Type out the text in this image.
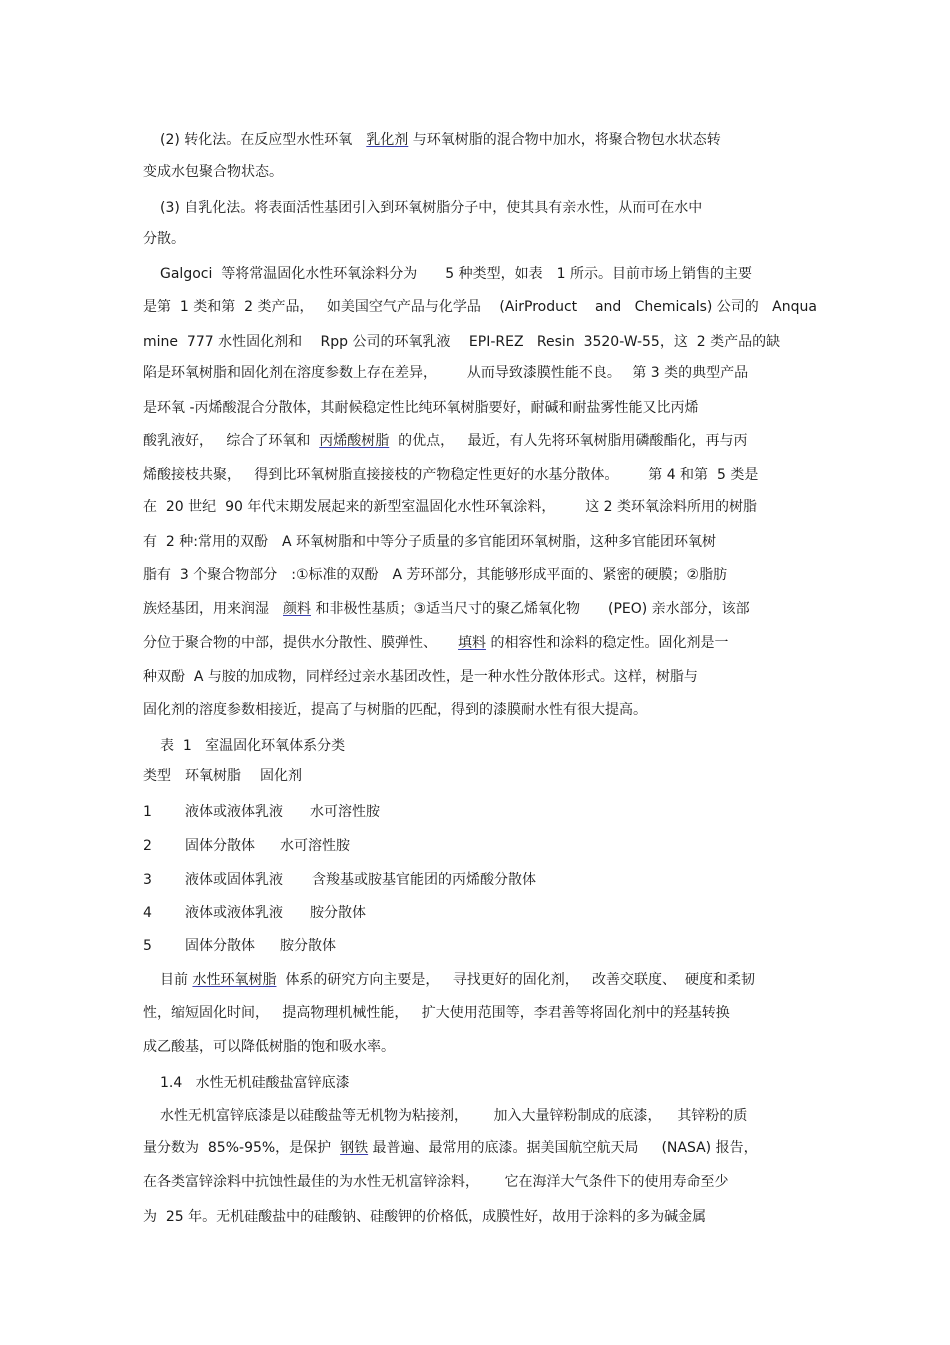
(2) 转化法。在反应型水性环氧　乳化剂 与环氧树脂的混合物中加水，将聚合物包水状态转
变成水包聚合物状态。
(3) 自乳化法。将表面活性基团引入到环氧树脂分子中，使其具有亲水性，从而可在水中
分散。
Galgoci  等将常温固化水性环氧涂料分为　　5 种类型，如表　1 所示。目前市场上销售的主要
是第  1 类和第  2 类产品，   如美国空气产品与化学品　 (AirProduct    and   Chemicals) 公司的   Anqua
mine  777 水性固化剂和　 Rpp 公司的环氧乳液　 EPI-REZ   Resin  3520-W-55，这  2 类产品的缺
陷是环氧树脂和固化剂在溶度参数上存在差异，　　  从而导致漆膜性能不良。　 第 3 类的典型产品
是环氧 -丙烯酸混合分散体，其耐候稳定性比纯环氧树脂要好，耐碱和耐盐雾性能又比丙烯
酸乳液好，   综合了环氧和  丙烯酸树脂  的优点，   最近，有人先将环氧树脂用磷酸酯化，再与丙
烯酸接枝共聚，   得到比环氧树脂直接接枝的产物稳定性更好的水基分散体。　　  第 4 和第  5 类是
在  20 世纪  90 年代末期发展起来的新型室温固化水性环氧涂料，　　  这 2 类环氧涂料所用的树脂
有  2 种:常用的双酚　A 环氧树脂和中等分子质量的多官能团环氧树脂，这种多官能团环氧树
脂有  3 个聚合物部分　:①标准的双酚　A 芳环部分，其能够形成平面的、紧密的硬膜；②脂肪
族烃基团，用来润湿　颜料 和非极性基质；③适当尺寸的聚乙烯氧化物　　(PEO) 亲水部分，该部
分位于聚合物的中部，提供水分散性、膜弹性、　　填料 的相容性和涂料的稳定性。固化剂是一
种双酚  A 与胺的加成物，同样经过亲水基团改性，是一种水性分散体形式。这样，树脂与
固化剂的溶度参数相接近，提高了与树脂的匹配，得到的漆膜耐水性有很大提高。
表  1   室温固化环氧体系分类
类型 环氧树脂 固化剂
1 液体或液体乳液 水可溶性胺
2 固体分散体 水可溶性胺
3 液体或固体乳液 含羧基或胺基官能团的丙烯酸分散体
4 液体或液体乳液 胺分散体
5 固体分散体 胺分散体
目前 水性环氧树脂  体系的研究方向主要是，   寻找更好的固化剂，   改善交联度、  硬度和柔韧
性，缩短固化时间，   提高物理机械性能，   扩大使用范围等，李君善等将固化剂中的羟基转换
成乙酸基，可以降低树脂的饱和吸水率。
1.4   水性无机硅酸盐富锌底漆
水性无机富锌底漆是以硅酸盐等无机物为粘接剂，　　 加入大量锌粉制成的底漆，　  其锌粉的质
量分数为  85%-95%，是保护  钢铁 最普遍、最常用的底漆。据美国航空航天局　  (NASA) 报告，
在各类富锌涂料中抗蚀性最佳的为水性无机富锌涂料，　　 它在海洋大气条件下的使用寿命至少
为  25 年。无机硅酸盐中的硅酸钠、硅酸钾的价格低，成膜性好，故用于涂料的多为碱金属
